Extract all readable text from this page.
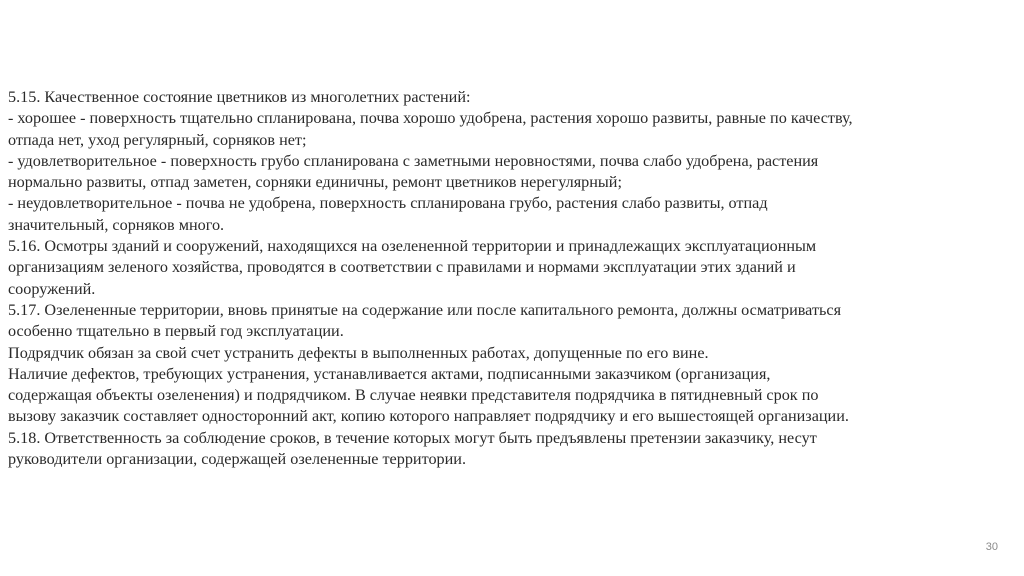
5.15. Качественное состояние цветников из многолетних растений:

- хорошее - поверхность тщательно спланирована, почва хорошо удобрена, растения хорошо развиты, равные по качеству,

отпада нет, уход регулярный, сорняков нет;

- удовлетворительное - поверхность грубо спланирована с заметными неровностями, почва слабо удобрена, растения

нормально развиты, отпад заметен, сорняки единичны, ремонт цветников нерегулярный;

- неудовлетворительное - почва не удобрена, поверхность спланирована грубо, растения слабо развиты, отпад

значительный, сорняков много.

5.16. Осмотры зданий и сооружений, находящихся на озелененной территории и принадлежащих эксплуатационным

организациям зеленого хозяйства, проводятся в соответствии с правилами и нормами эксплуатации этих зданий и

сооружений.

5.17. Озелененные территории, вновь принятые на содержание или после капитального ремонта, должны осматриваться

особенно тщательно в первый год эксплуатации.

Подрядчик обязан за свой счет устранить дефекты в выполненных работах, допущенные по его вине.

Наличие дефектов, требующих устранения, устанавливается актами, подписанными заказчиком (организация,

содержащая объекты озеленения) и подрядчиком. В случае неявки представителя подрядчика в пятидневный срок по

вызову заказчик составляет односторонний акт, копию которого направляет подрядчику и его вышестоящей организации.

5.18. Ответственность за соблюдение сроков, в течение которых могут быть предъявлены претензии заказчику, несут

руководители организации, содержащей озелененные территории.

30
